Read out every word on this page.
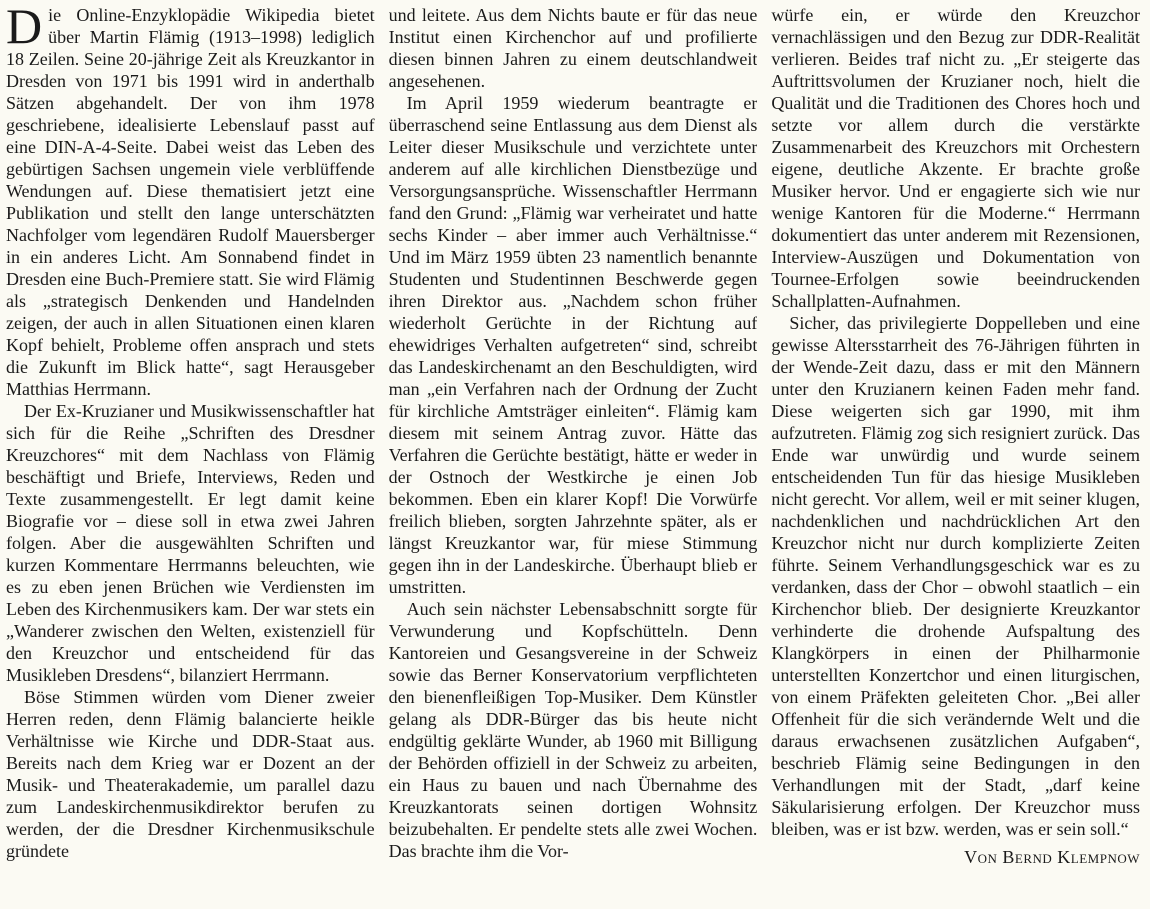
Die Online-Enzyklopädie Wikipedia bietet über Martin Flämig (1913–1998) lediglich 18 Zeilen. Seine 20-jährige Zeit als Kreuzkantor in Dresden von 1971 bis 1991 wird in anderthalb Sätzen abgehandelt. Der von ihm 1978 geschriebene, idealisierte Lebenslauf passt auf eine DIN-A-4-Seite. Dabei weist das Leben des gebürtigen Sachsen ungemein viele verblüffende Wendungen auf. Diese thematisiert jetzt eine Publikation und stellt den lange unterschätzten Nachfolger vom legendären Rudolf Mauersberger in ein anderes Licht. Am Sonnabend findet in Dresden eine Buch-Premiere statt. Sie wird Flämig als „strategisch Denkenden und Handelnden zeigen, der auch in allen Situationen einen klaren Kopf behielt, Probleme offen ansprach und stets die Zukunft im Blick hatte“, sagt Herausgeber Matthias Herrmann.

Der Ex-Kruzianer und Musikwissenschaftler hat sich für die Reihe „Schriften des Dresdner Kreuzchores“ mit dem Nachlass von Flämig beschäftigt und Briefe, Interviews, Reden und Texte zusammengestellt. Er legt damit keine Biografie vor – diese soll in etwa zwei Jahren folgen. Aber die ausgewählten Schriften und kurzen Kommentare Herrmanns beleuchten, wie es zu eben jenen Brüchen wie Verdiensten im Leben des Kirchenmusikers kam. Der war stets ein „Wanderer zwischen den Welten, existenziell für den Kreuzchor und entscheidend für das Musikleben Dresdens“, bilanziert Herrmann.

Böse Stimmen würden vom Diener zweier Herren reden, denn Flämig balancierte heikle Verhältnisse wie Kirche und DDR-Staat aus. Bereits nach dem Krieg war er Dozent an der Musik- und Theaterakademie, um parallel dazu zum Landeskirchenmusikdirektor berufen zu werden, der die Dresdner Kirchenmusikschule gründete

und leitete. Aus dem Nichts baute er für das neue Institut einen Kirchenchor auf und profilierte diesen binnen Jahren zu einem deutschlandweit angesehenen.

Im April 1959 wiederum beantragte er überraschend seine Entlassung aus dem Dienst als Leiter dieser Musikschule und verzichtete unter anderem auf alle kirchlichen Dienstbezüge und Versorgungsansprüche. Wissenschaftler Herrmann fand den Grund: „Flämig war verheiratet und hatte sechs Kinder – aber immer auch Verhältnisse.“ Und im März 1959 übten 23 namentlich benannte Studenten und Studentinnen Beschwerde gegen ihren Direktor aus. „Nachdem schon früher wiederholt Gerüchte in der Richtung auf ehewidriges Verhalten aufgetreten“ sind, schreibt das Landeskirchenamt an den Beschuldigten, wird man „ein Verfahren nach der Ordnung der Zucht für kirchliche Amtsträger einleiten“. Flämig kam diesem mit seinem Antrag zuvor. Hätte das Verfahren die Gerüchte bestätigt, hätte er weder in der Ostnoch der Westkirche je einen Job bekommen. Eben ein klarer Kopf! Die Vorwürfe freilich blieben, sorgten Jahrzehnte später, als er längst Kreuzkantor war, für miese Stimmung gegen ihn in der Landeskirche. Überhaupt blieb er umstritten.

Auch sein nächster Lebensabschnitt sorgte für Verwunderung und Kopfschütteln. Denn Kantoreien und Gesangsvereine in der Schweiz sowie das Berner Konservatorium verpflichteten den bienenfleißigen Top-Musiker. Dem Künstler gelang als DDR-Bürger das bis heute nicht endgültig geklärte Wunder, ab 1960 mit Billigung der Behörden offiziell in der Schweiz zu arbeiten, ein Haus zu bauen und nach Übernahme des Kreuzkantorats seinen dortigen Wohnsitz beizubehalten. Er pendelte stets alle zwei Wochen. Das brachte ihm die Vor-

würfe ein, er würde den Kreuzchor vernachlässigen und den Bezug zur DDR-Realität verlieren. Beides traf nicht zu. „Er steigerte das Auftrittsvolumen der Kruzianer noch, hielt die Qualität und die Traditionen des Chores hoch und setzte vor allem durch die verstärkte Zusammenarbeit des Kreuzchors mit Orchestern eigene, deutliche Akzente. Er brachte große Musiker hervor. Und er engagierte sich wie nur wenige Kantoren für die Moderne.“ Herrmann dokumentiert das unter anderem mit Rezensionen, Interview-Auszügen und Dokumentation von Tournee-Erfolgen sowie beeindruckenden Schallplatten-Aufnahmen.

Sicher, das privilegierte Doppelleben und eine gewisse Altersstarrheit des 76-Jährigen führten in der Wende-Zeit dazu, dass er mit den Männern unter den Kruzianern keinen Faden mehr fand. Diese weigerten sich gar 1990, mit ihm aufzutreten. Flämig zog sich resigniert zurück. Das Ende war unwürdig und wurde seinem entscheidenden Tun für das hiesige Musikleben nicht gerecht. Vor allem, weil er mit seiner klugen, nachdenklichen und nachdrücklichen Art den Kreuzchor nicht nur durch komplizierte Zeiten führte. Seinem Verhandlungsgeschick war es zu verdanken, dass der Chor – obwohl staatlich – ein Kirchenchor blieb. Der designierte Kreuzkantor verhinderte die drohende Aufspaltung des Klangkörpers in einen der Philharmonie unterstellten Konzertchor und einen liturgischen, von einem Präfekten geleiteten Chor. „Bei aller Offenheit für die sich verändernde Welt und die daraus erwachsenen zusätzlichen Aufgaben“, beschrieb Flämig seine Bedingungen in den Verhandlungen mit der Stadt, „darf keine Säkularisierung erfolgen. Der Kreuzchor muss bleiben, was er ist bzw. werden, was er sein soll.“

Von Bernd Klempnow
